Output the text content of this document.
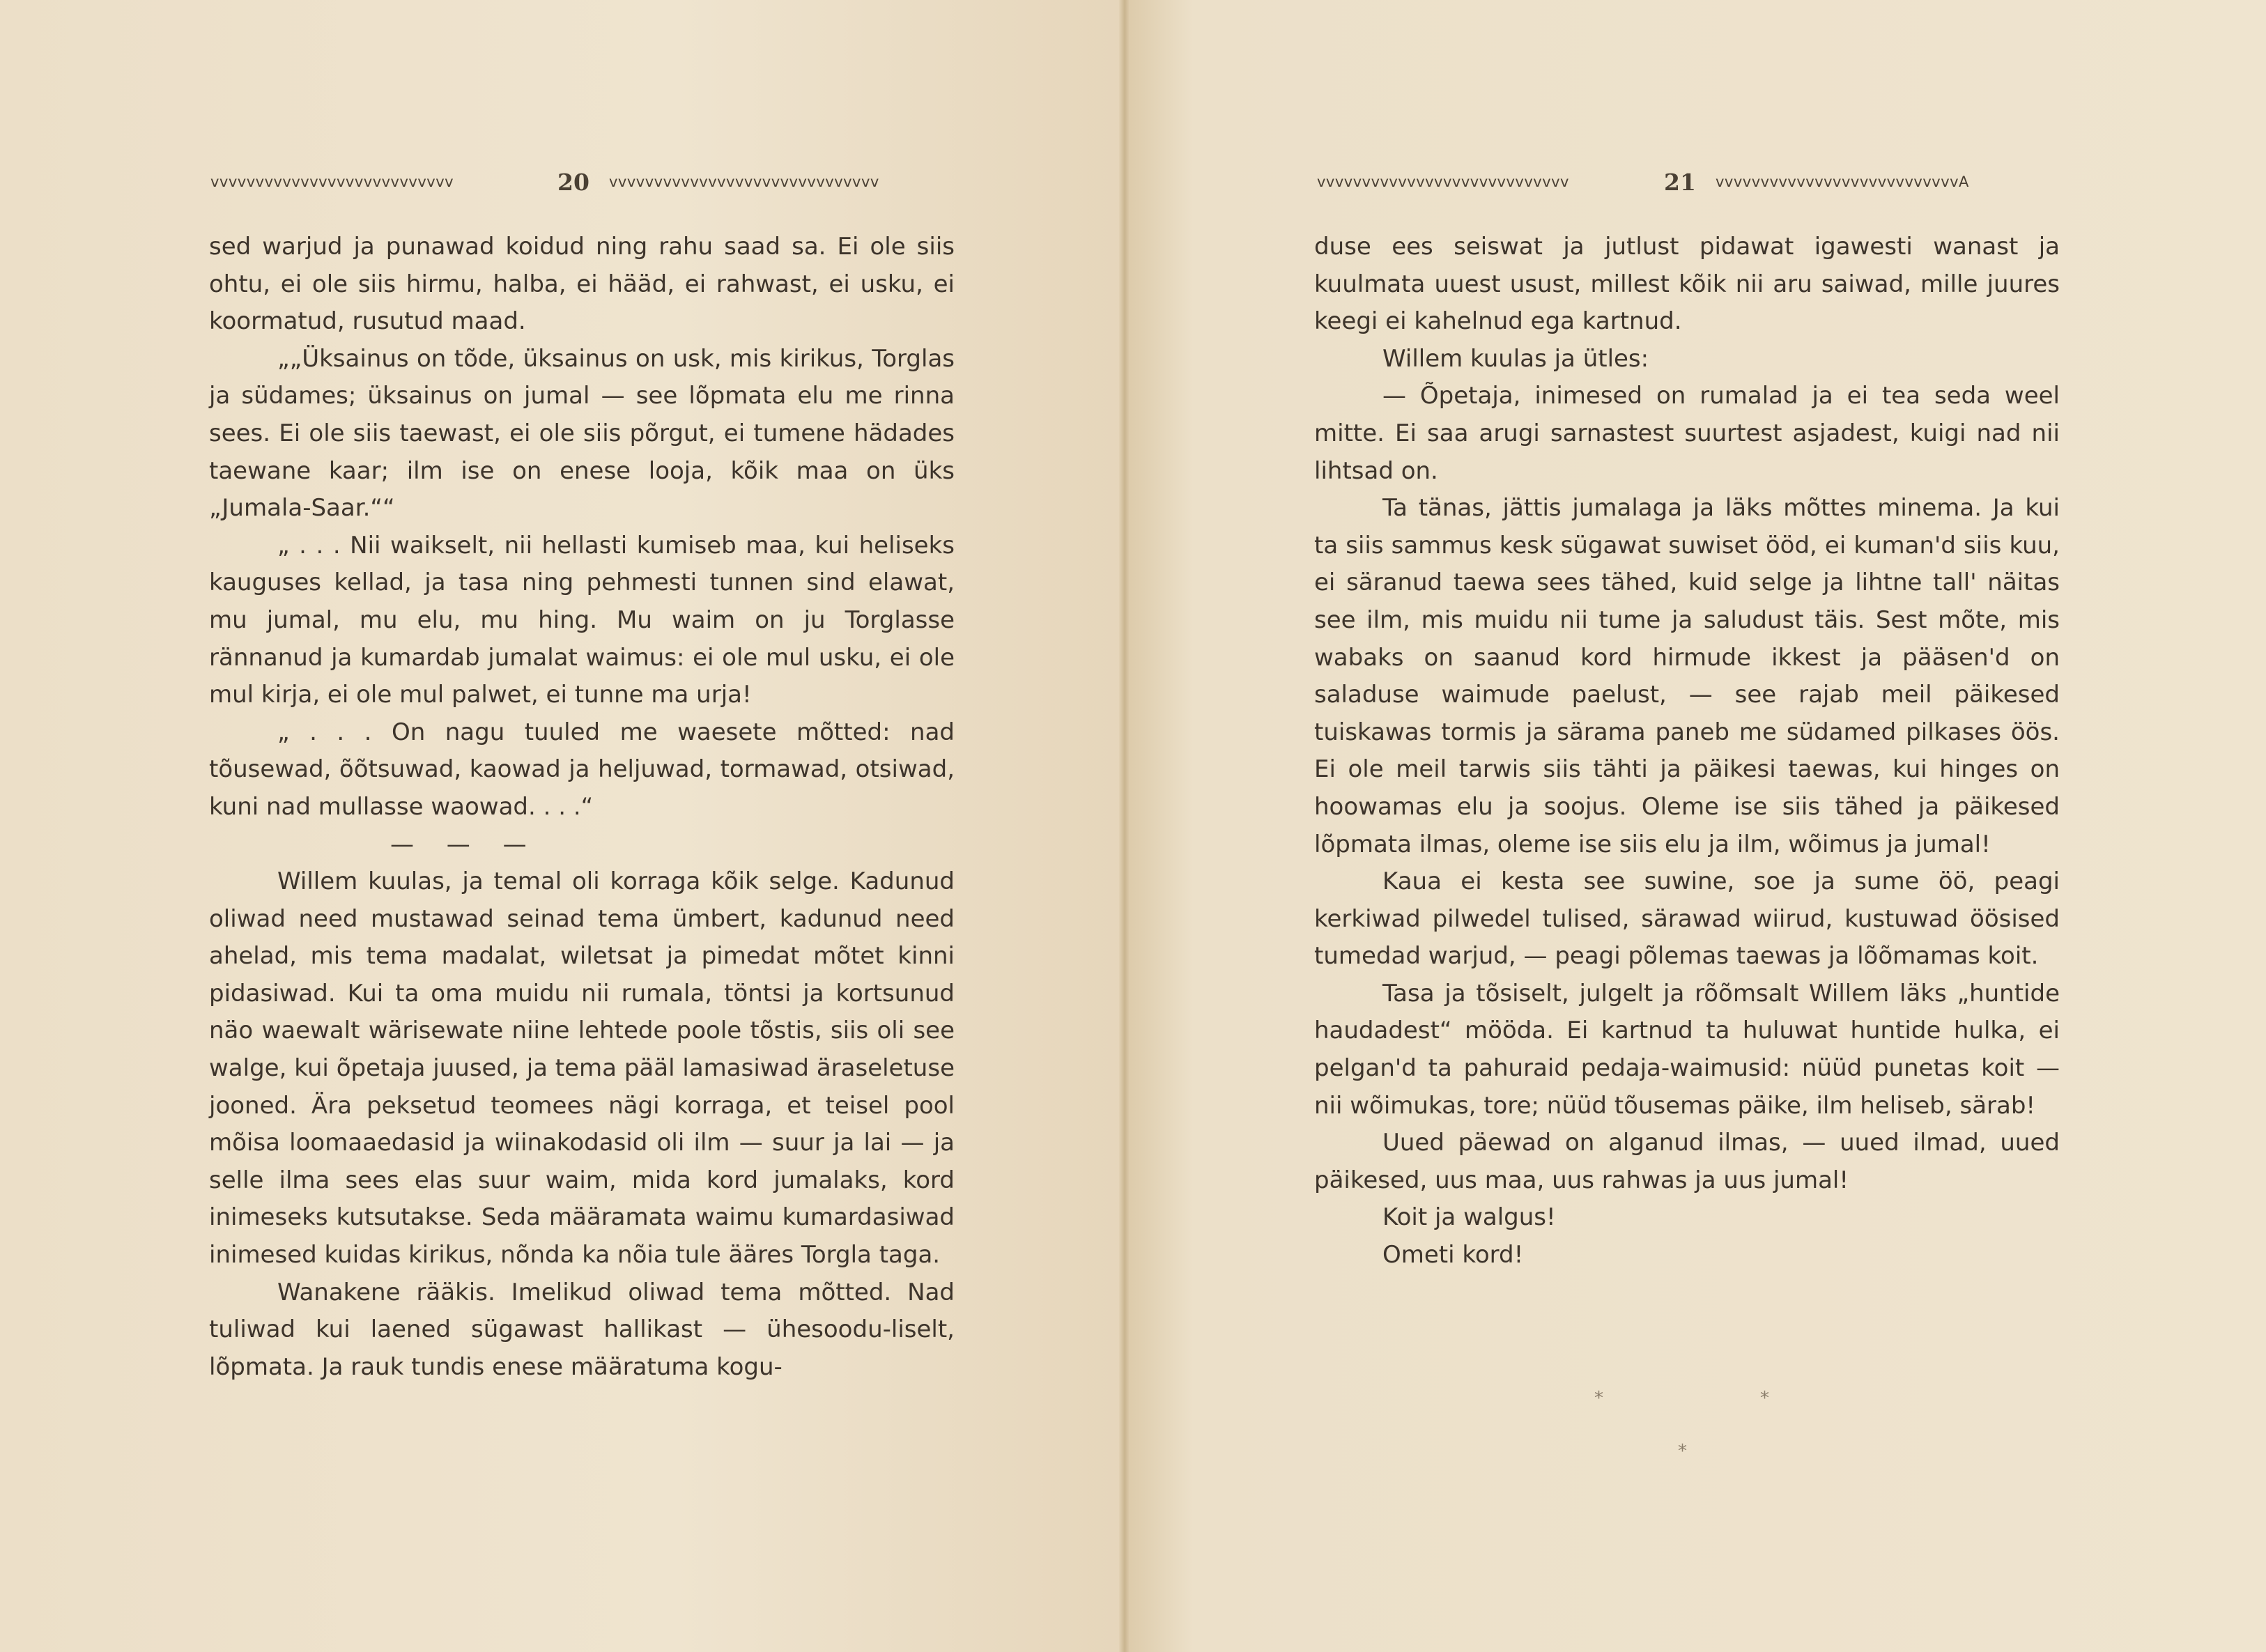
vvvvvvvvvvvvvvvvvvvvvvvvvvv	20	vvvvvvvvvvvvvvvvvvvvvvvvvvvvvv	vvvvvvvvvvvvvvvvvvvvvvvvvvvv	21	vvvvvvvvvvvvvvvvvvvvvvvvvvvA

sed warjud ja punawad koidud ning rahu saad sa. Ei ole siis ohtu, ei ole siis hirmu, halba, ei hääd, ei rahwast, ei usku, ei koormatud, rusutud maad.

„„Üksainus on tõde, üksainus on usk, mis kirikus, Torglas ja südames; üksainus on jumal — see lõpmata elu me rinna sees. Ei ole siis taewast, ei ole siis põrgut, ei tumene hädades taewane kaar; ilm ise on enese looja, kõik maa on üks „Jumala-Saar.““

„ . . . Nii waikselt, nii hellasti kumiseb maa, kui heliseks kauguses kellad, ja tasa ning pehmesti tunnen sind elawat, mu jumal, mu elu, mu hing. Mu waim on ju Torglasse rännanud ja kumardab jumalat waimus: ei ole mul usku, ei ole mul kirja, ei ole mul palwet, ei tunne ma urja!

„ . . . On nagu tuuled me waesete mõtted: nad tõusewad, õõtsuwad, kaowad ja heljuwad, tormawad, otsiwad, kuni nad mullasse waowad. . . .“

— — —

Willem kuulas, ja temal oli korraga kõik selge. Kadunud oliwad need mustawad seinad tema ümbert, kadunud need ahelad, mis tema madalat, wiletsat ja pimedat mõtet kinni pidasiwad. Kui ta oma muidu nii rumala, töntsi ja kortsunud näo waewalt wärisewate niine lehtede poole tõstis, siis oli see walge, kui õpetaja juused, ja tema pääl lamasiwad äraseletuse jooned. Ära peksetud teomees nägi korraga, et teisel pool mõisa loomaaedasid ja wiinakodasid oli ilm — suur ja lai — ja selle ilma sees elas suur waim, mida kord jumalaks, kord inimeseks kutsutakse. Seda määramata waimu kumardasiwad inimesed kuidas kirikus, nõnda ka nõia tule ääres Torgla taga.

Wanakene rääkis. Imelikud oliwad tema mõtted. Nad tuliwad kui laened sügawast hallikast — ühesoodu-liselt, lõpmata. Ja rauk tundis enese määratuma kogu-

duse ees seiswat ja jutlust pidawat igawesti wanast ja kuulmata uuest usust, millest kõik nii aru saiwad, mille juures keegi ei kahelnud ega kartnud.

Willem kuulas ja ütles:

— Õpetaja, inimesed on rumalad ja ei tea seda weel mitte. Ei saa arugi sarnastest suurtest asjadest, kuigi nad nii lihtsad on.

Ta tänas, jättis jumalaga ja läks mõttes minema. Ja kui ta siis sammus kesk sügawat suwiset ööd, ei kuman'd siis kuu, ei säranud taewa sees tähed, kuid selge ja lihtne tall' näitas see ilm, mis muidu nii tume ja saludust täis. Sest mõte, mis wabaks on saanud kord hirmude ikkest ja pääsen'd on saladuse waimude paelust, — see rajab meil päikesed tuiskawas tormis ja särama paneb me südamed pilkases öös. Ei ole meil tarwis siis tähti ja päikesi taewas, kui hinges on hoowamas elu ja soojus. Oleme ise siis tähed ja päikesed lõpmata ilmas, oleme ise siis elu ja ilm, wõimus ja jumal!

Kaua ei kesta see suwine, soe ja sume öö, peagi kerkiwad pilwedel tulised, särawad wiirud, kustuwad öösised tumedad warjud, — peagi põlemas taewas ja lõõmamas koit.

Tasa ja tõsiselt, julgelt ja rõõmsalt Willem läks „huntide haudadest“ mööda. Ei kartnud ta huluwat huntide hulka, ei pelgan'd ta pahuraid pedaja-waimusid: nüüd punetas koit — nii wõimukas, tore; nüüd tõusemas päike, ilm heliseb, särab!

Uued päewad on alganud ilmas, — uued ilmad, uued päikesed, uus maa, uus rahwas ja uus jumal!

Koit ja walgus!

Ometi kord!

*	*
*
